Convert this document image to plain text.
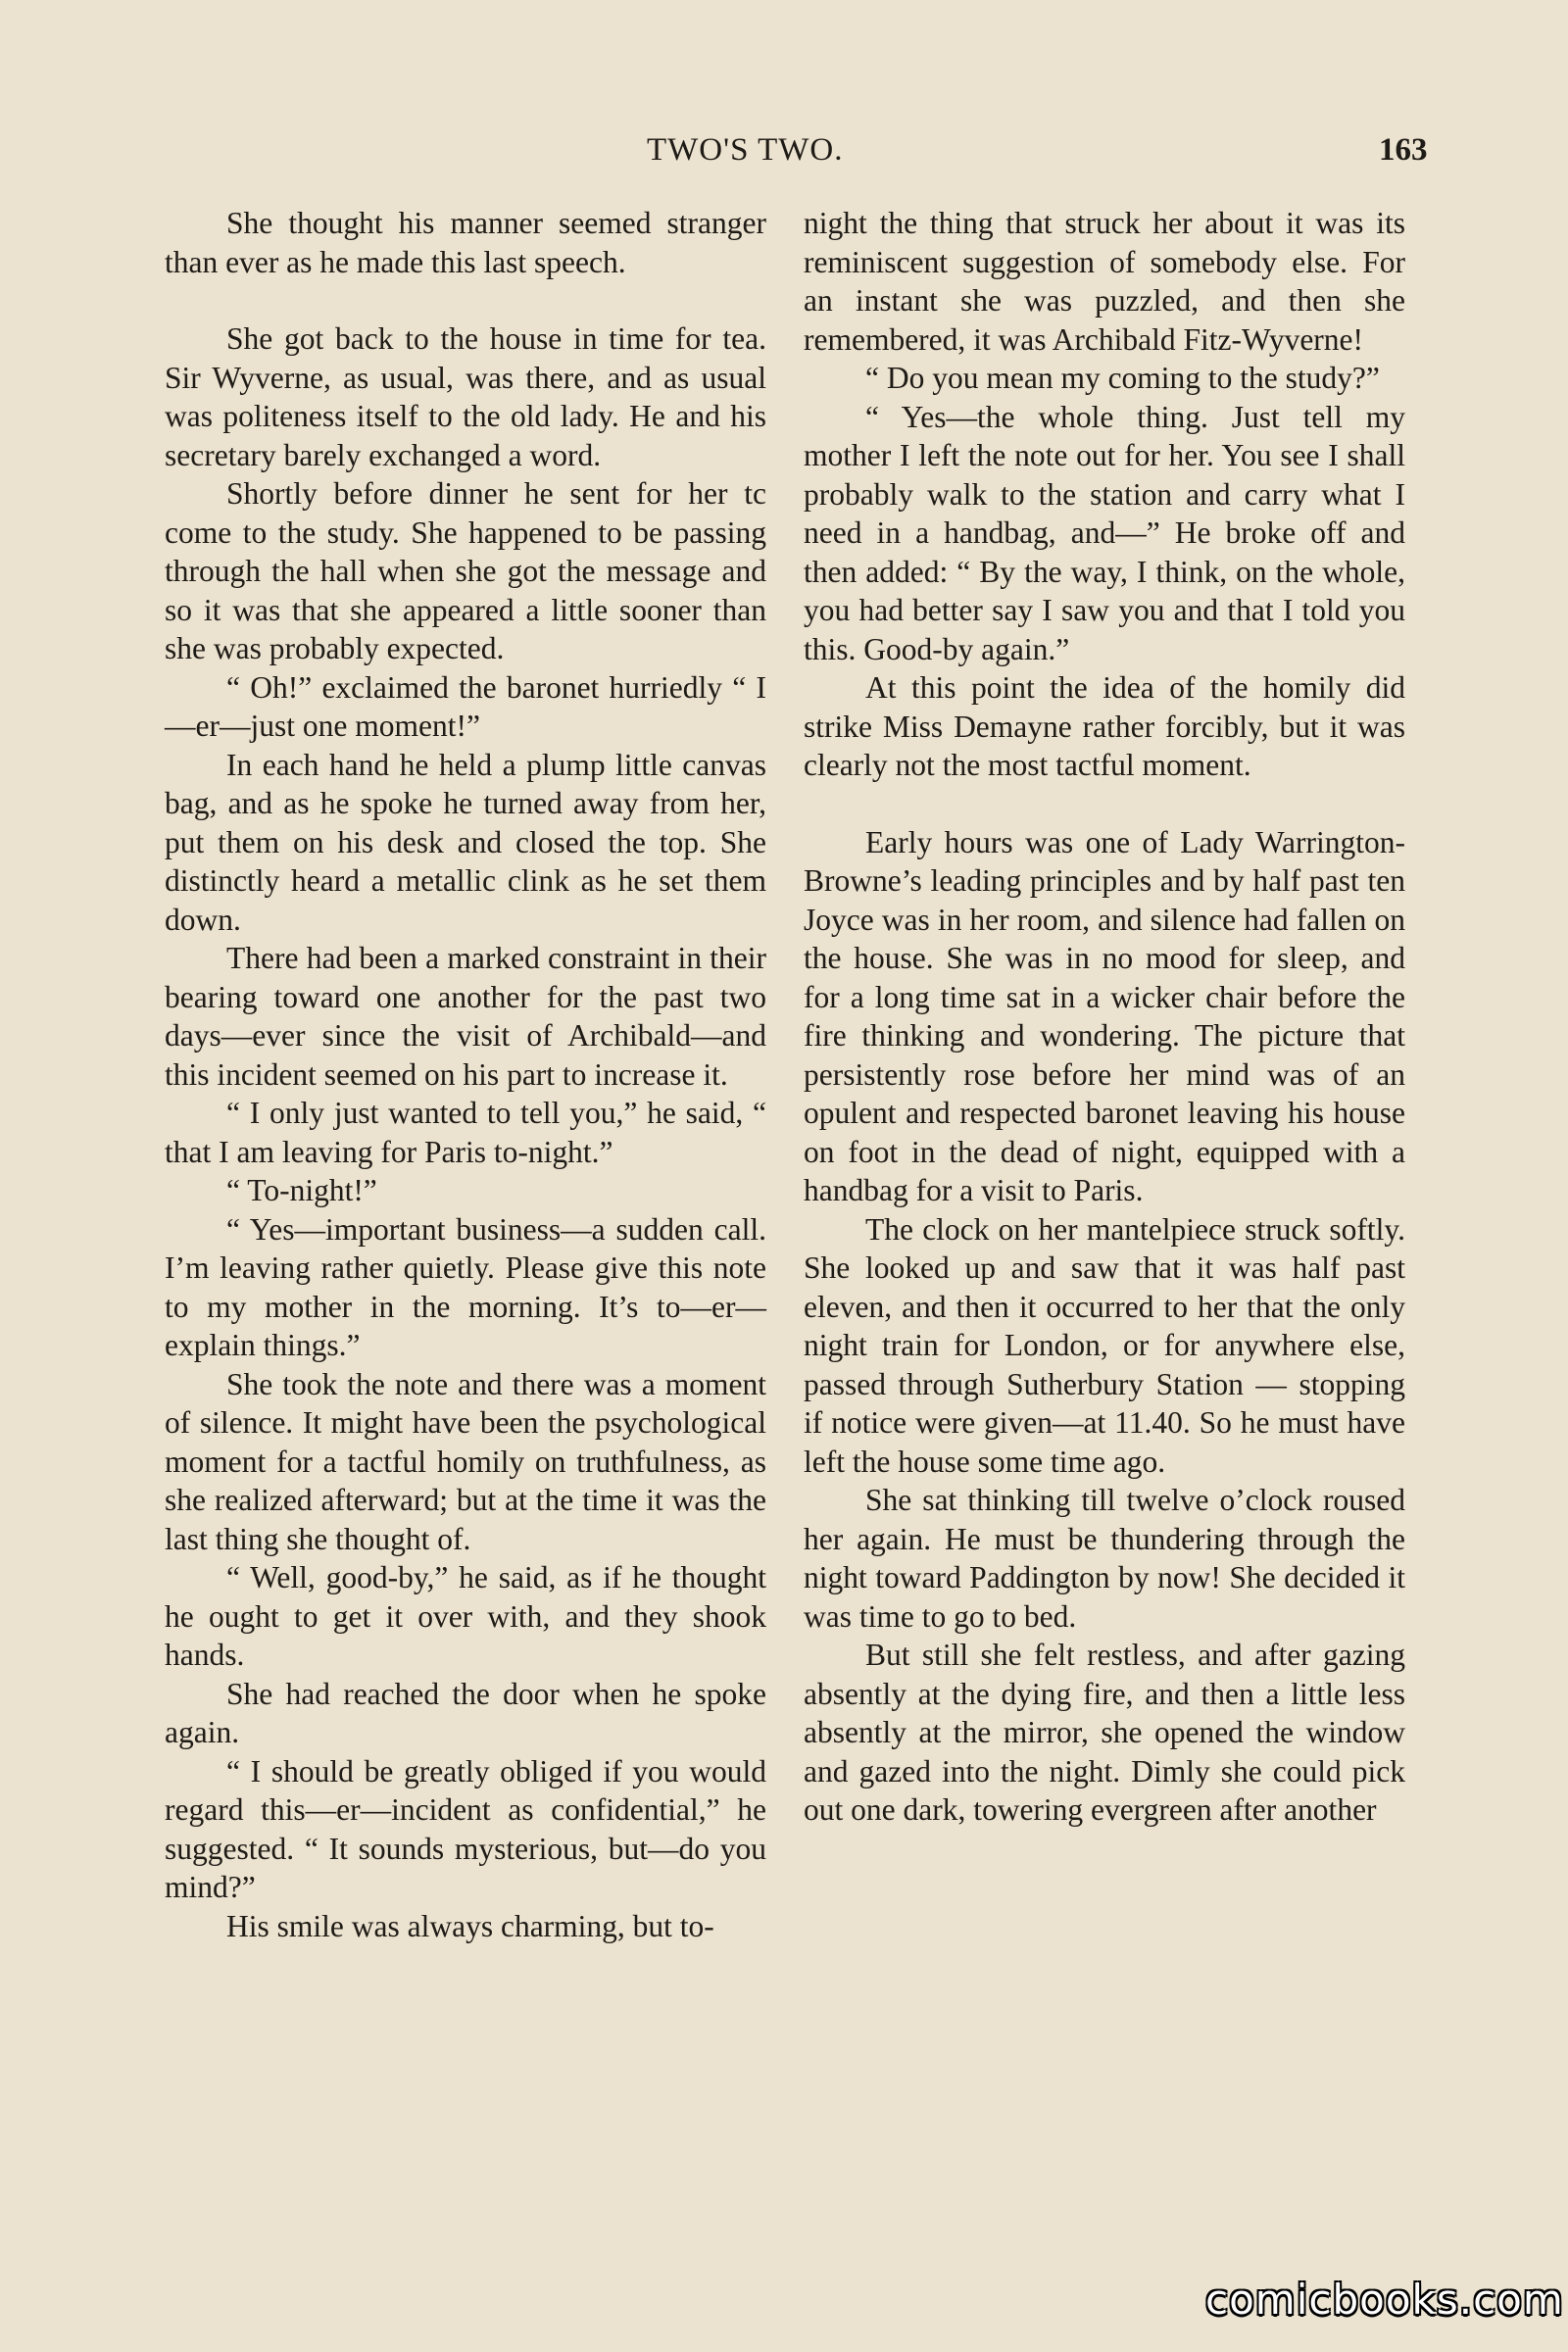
TWO'S TWO.	163

She thought his manner seemed stranger than ever as he made this last speech.

She got back to the house in time for tea. Sir Wyverne, as usual, was there, and as usual was politeness itself to the old lady. He and his secretary barely exchanged a word.

Shortly before dinner he sent for her tc come to the study. She happened to be passing through the hall when she got the message and so it was that she appeared a little sooner than she was probably expected.

“ Oh!” exclaimed the baronet hurriedly “ I—er—just one moment!”

In each hand he held a plump little canvas bag, and as he spoke he turned away from her, put them on his desk and closed the top. She distinctly heard a metallic clink as he set them down.

There had been a marked constraint in their bearing toward one another for the past two days—ever since the visit of Archibald—and this incident seemed on his part to increase it.

“ I only just wanted to tell you,” he said, “ that I am leaving for Paris to-night.”

“ To-night!”

“ Yes—important business—a sudden call. I’m leaving rather quietly. Please give this note to my mother in the morning. It’s to—er—explain things.”

She took the note and there was a moment of silence. It might have been the psychological moment for a tactful homily on truthfulness, as she realized afterward; but at the time it was the last thing she thought of.

“ Well, good-by,” he said, as if he thought he ought to get it over with, and they shook hands.

She had reached the door when he spoke again.

“ I should be greatly obliged if you would regard this—er—incident as confidential,” he suggested. “ It sounds mysterious, but—do you mind?”

His smile was always charming, but to-

night the thing that struck her about it was its reminiscent suggestion of somebody else. For an instant she was puzzled, and then she remembered, it was Archibald Fitz-Wyverne!

“ Do you mean my coming to the study?”

“ Yes—the whole thing. Just tell my mother I left the note out for her. You see I shall probably walk to the station and carry what I need in a handbag, and—” He broke off and then added: “ By the way, I think, on the whole, you had better say I saw you and that I told you this. Good-by again.”

At this point the idea of the homily did strike Miss Demayne rather forcibly, but it was clearly not the most tactful moment.

Early hours was one of Lady Warrington-Browne’s leading principles and by half past ten Joyce was in her room, and silence had fallen on the house. She was in no mood for sleep, and for a long time sat in a wicker chair before the fire thinking and wondering. The picture that persistently rose before her mind was of an opulent and respected baronet leaving his house on foot in the dead of night, equipped with a handbag for a visit to Paris.

The clock on her mantelpiece struck softly. She looked up and saw that it was half past eleven, and then it occurred to her that the only night train for London, or for anywhere else, passed through Sutherbury Station — stopping if notice were given—at 11.40. So he must have left the house some time ago.

She sat thinking till twelve o’clock roused her again. He must be thundering through the night toward Paddington by now! She decided it was time to go to bed.

But still she felt restless, and after gazing absently at the dying fire, and then a little less absently at the mirror, she opened the window and gazed into the night. Dimly she could pick out one dark, towering evergreen after another

comicbooks.com
